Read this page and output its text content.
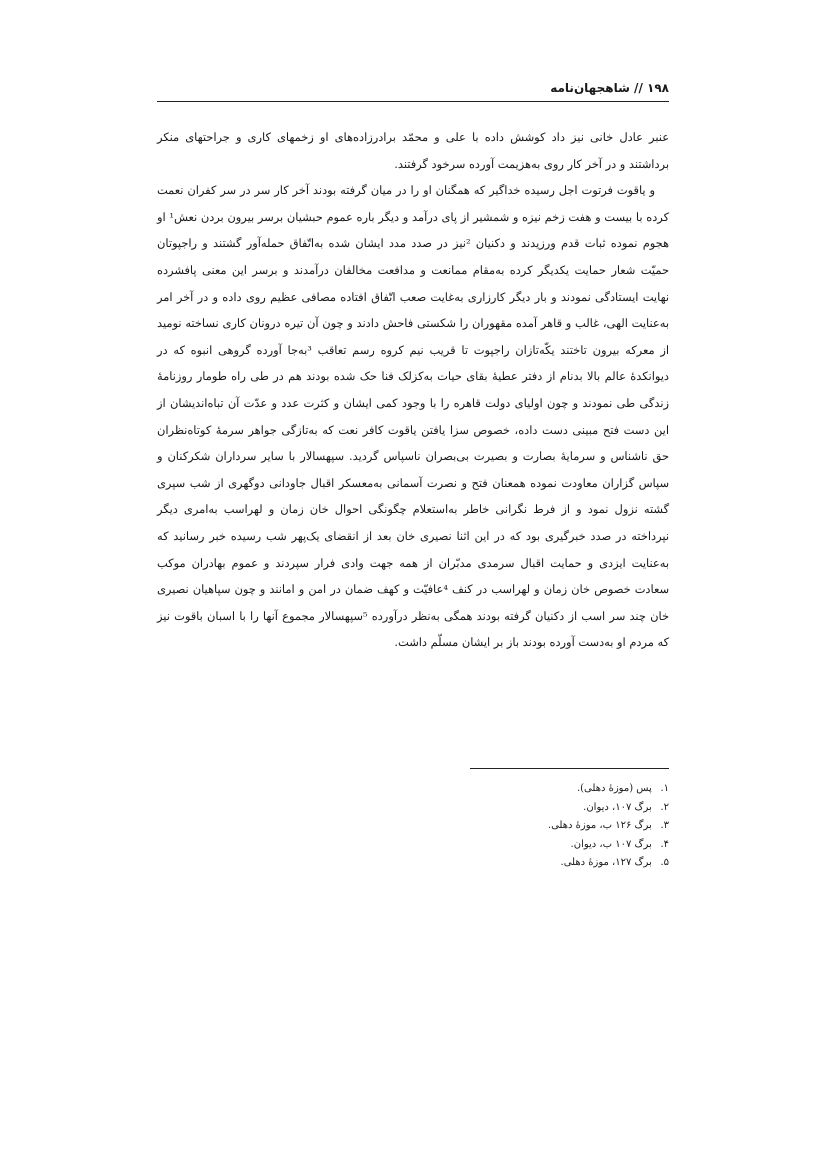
۱۹۸ // شاهجهان‌نامه

عنبر عادل خانی نیز داد کوشش داده با علی و محمّد برادرزاده‌های او زخمهای کاری و جراحتهای منکر برداشتند و در آخر کار روی به‌هزیمت آورده سرخود گرفتند.

و یاقوت فرتوت اجل رسیده خداگیر که همگنان او را در میان گرفته بودند آخر کار سر در سر کفران نعمت کرده با بیست و هفت زخم نیزه و شمشیر از پای درآمد و دیگر باره عموم حبشیان برسر بیرون بردن نعش¹ او هجوم نموده ثبات قدم ورزیدند و دکنیان ²نیز در صدد مدد ایشان شده به‌اتّفاق حمله‌آور گشتند و راجپوتان حمیّت شعار حمایت یکدیگر کرده به‌مقام ممانعت و مدافعت مخالفان درآمدند و برسر این معنی پافشرده نهایت ایستادگی نمودند‌ و بار دیگر کارزاری به‌غایت صعب اتّفاق افتاده مصافی عظیم روی داده و در آخر امر به‌عنایت الهی، غالب و قاهر آمده مقهوران را شکستی فاحش دادند و چون آن تیره درونان کاری نساخته نومید از معرکه بیرون تاختند یکّه‌تازان راجپوت تا قریب نیم کروه رسم تعاقب ³به‌جا آورده گروهی انبوه که در دیوانکدهٔ عالم بالا بدنام از دفتر عطیهٔ بقای حیات به‌کزلک فنا حک شده بودند هم در طی راه طومار روزنامهٔ زندگی طی نمودند و چون اولیای دولت قاهره را با وجود کمی ایشان و کثرت عدد و عدّت آن تباه‌اندیشان از این دست فتح مبینی دست داده، خصوص سزا یافتن یاقوت کافر نعت که به‌تازگی جواهر سرمهٔ کوتاه‌نظران حق ناشناس و سرمایهٔ بصارت و بصیرت بی‌بصران ناسپاس گردید. سپهسالار با سایر سرداران شکرکنان و سپاس گزاران معاودت نموده همعنان فتح و نصرت آسمانی به‌معسکر اقبال جاودانی دوگهری از شب سپری گشته نزول نمود و از فرط نگرانی خاطر به‌استعلام چگونگی احوال خان زمان و لهراسب به‌امری دیگر نپرداخته در صدد خبرگیری بود که در این اثنا نصیری خان بعد از انقضای یک‌پهر شب رسیده خبر رسانید که به‌عنایت ایزدی و حمایت اقبال سرمدی مدبّران از همه جهت وادی فرار سپردند و عموم بهادران موکب سعادت خصوص خان زمان و لهراسب در کنف ⁴عافیّت و کهف ضمان در امن و امانند و چون سپاهیان نصیری خان چند سر اسب از دکنیان گرفته بودند همگی به‌نظر درآورده ⁵سپهسالار مجموع آنها را با اسبان باقوت نیز که مردم او به‌دست آورده بودند باز بر ایشان مسلّم داشت.

۱. پس (موزهٔ دهلی).
۲. برگ ۱۰۷، دیوان.
۳. برگ ۱۲۶ ب، موزهٔ دهلی.
۴. برگ ۱۰۷ ب، دیوان.
۵. برگ ۱۲۷، موزهٔ دهلی.
